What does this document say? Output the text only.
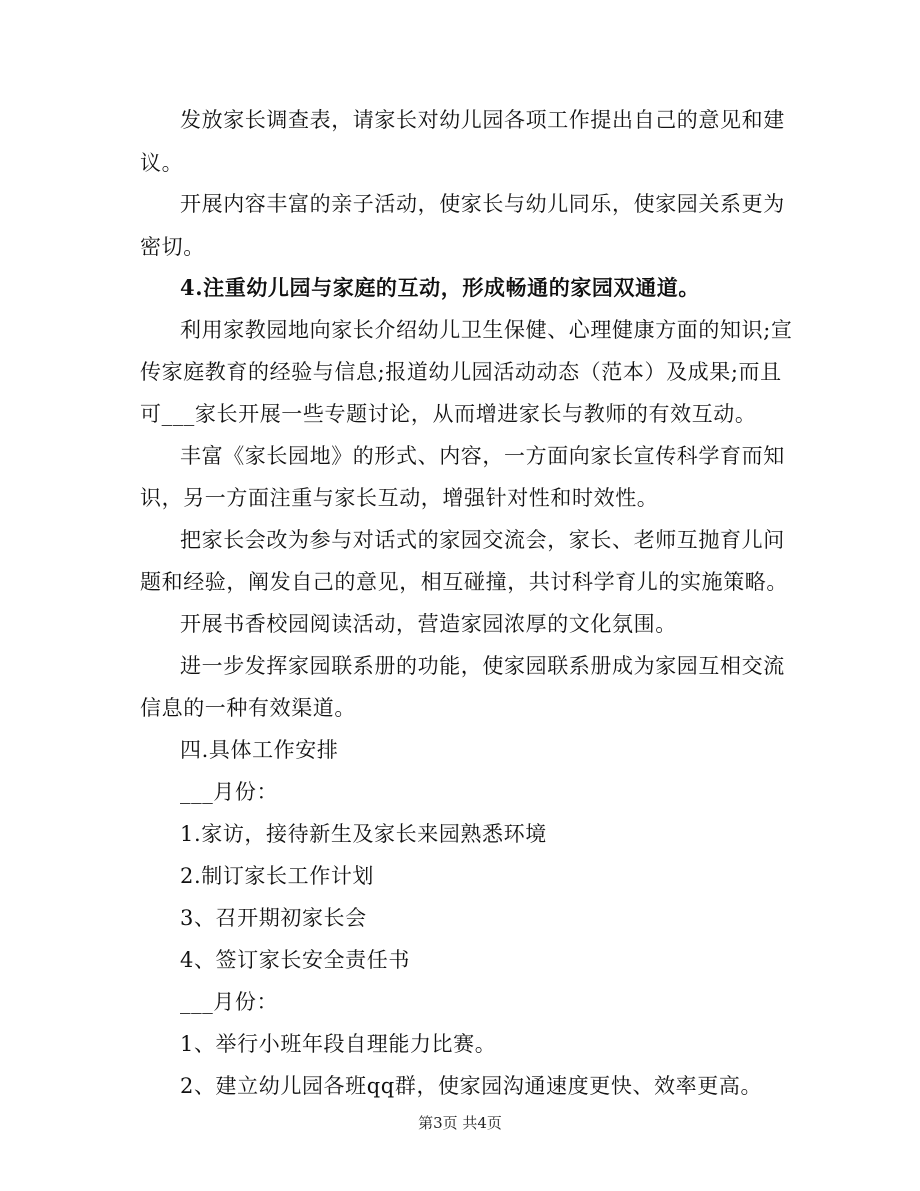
发放家长调查表，请家长对幼儿园各项工作提出自己的意见和建
议。
开展内容丰富的亲子活动，使家长与幼儿同乐，使家园关系更为
密切。
4.注重幼儿园与家庭的互动，形成畅通的家园双通道。
利用家教园地向家长介绍幼儿卫生保健、心理健康方面的知识;宣
传家庭教育的经验与信息;报道幼儿园活动动态（范本）及成果;而且
可___家长开展一些专题讨论，从而增进家长与教师的有效互动。
丰富《家长园地》的形式、内容，一方面向家长宣传科学育而知
识，另一方面注重与家长互动，增强针对性和时效性。
把家长会改为参与对话式的家园交流会，家长、老师互抛育儿问
题和经验，阐发自己的意见，相互碰撞，共讨科学育儿的实施策略。
开展书香校园阅读活动，营造家园浓厚的文化氛围。
进一步发挥家园联系册的功能，使家园联系册成为家园互相交流
信息的一种有效渠道。
四.具体工作安排
___月份：
1.家访，接待新生及家长来园熟悉环境
2.制订家长工作计划
3、召开期初家长会
4、签订家长安全责任书
___月份：
1、举行小班年段自理能力比赛。
2、建立幼儿园各班qq群，使家园沟通速度更快、效率更高。
第3页 共4页
